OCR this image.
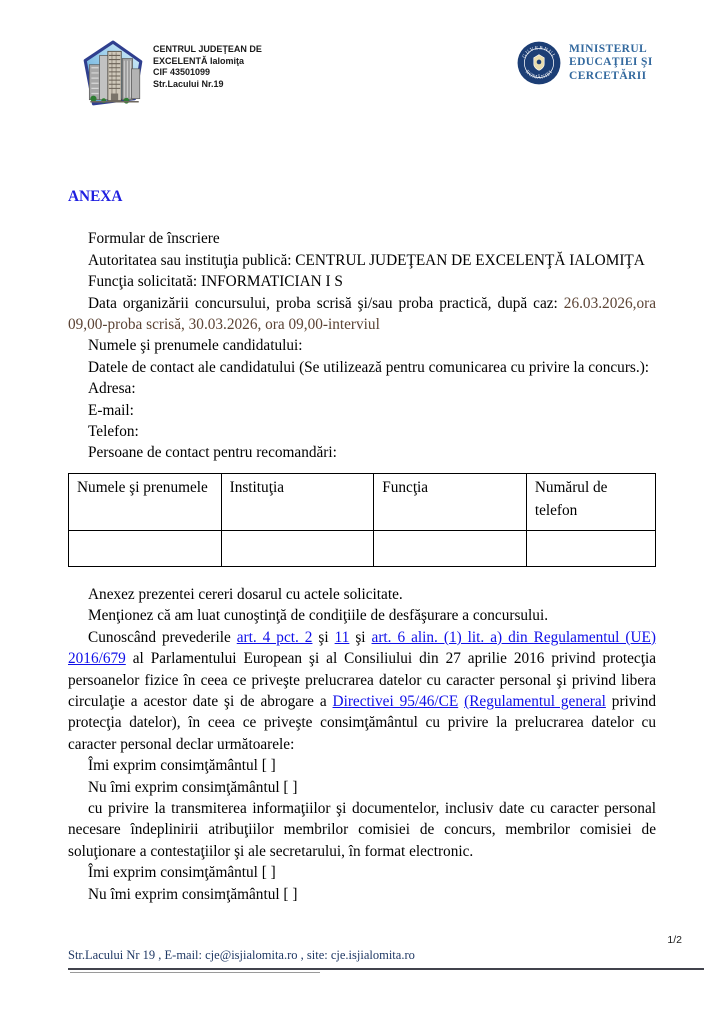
CENTRUL JUDEŢEAN DE
EXCELENTĂ Ialomiţa
CIF 43501099
Str.Lacului Nr.19
GUVERNUL
ROMÂNIEI
MINISTERUL
EDUCAŢIEI ŞI
CERCETĂRII
ANEXA

Formular de înscriere

Autoritatea sau instituţia publică: CENTRUL JUDEŢEAN DE EXCELENŢĂ IALOMIŢA

Funcţia solicitată: INFORMATICIAN I S

Data organizării concursului, proba scrisă şi/sau proba practică, după caz: 26.03.2026,ora 09,00-proba scrisă, 30.03.2026, ora 09,00-interviul

Numele şi prenumele candidatului:

Datele de contact ale candidatului (Se utilizează pentru comunicarea cu privire la concurs.):

Adresa:

E-mail:

Telefon:

Persoane de contact pentru recomandări:

Numele şi prenumele	Instituţia	Funcţia	Numărul de telefon

Anexez prezentei cereri dosarul cu actele solicitate.

Menţionez că am luat cunoştinţă de condiţiile de desfăşurare a concursului.

Cunoscând prevederile art. 4 pct. 2 şi 11 şi art. 6 alin. (1) lit. a) din Regulamentul (UE) 2016/679 al Parlamentului European şi al Consiliului din 27 aprilie 2016 privind protecţia persoanelor fizice în ceea ce priveşte prelucrarea datelor cu caracter personal şi privind libera circulaţie a acestor date şi de abrogare a Directivei 95/46/CE (Regulamentul general privind protecţia datelor), în ceea ce priveşte consimţământul cu privire la prelucrarea datelor cu caracter personal declar următoarele:

Îmi exprim consimţământul [ ]

Nu îmi exprim consimţământul [ ]

cu privire la transmiterea informaţiilor şi documentelor, inclusiv date cu caracter personal necesare îndeplinirii atribuţiilor membrilor comisiei de concurs, membrilor comisiei de soluţionare a contestaţiilor şi ale secretarului, în format electronic.

Îmi exprim consimţământul [ ]

Nu îmi exprim consimţământul [ ]

1/2
Str.Lacului Nr 19 , E-mail: cje@isjialomita.ro , site: cje.isjialomita.ro
